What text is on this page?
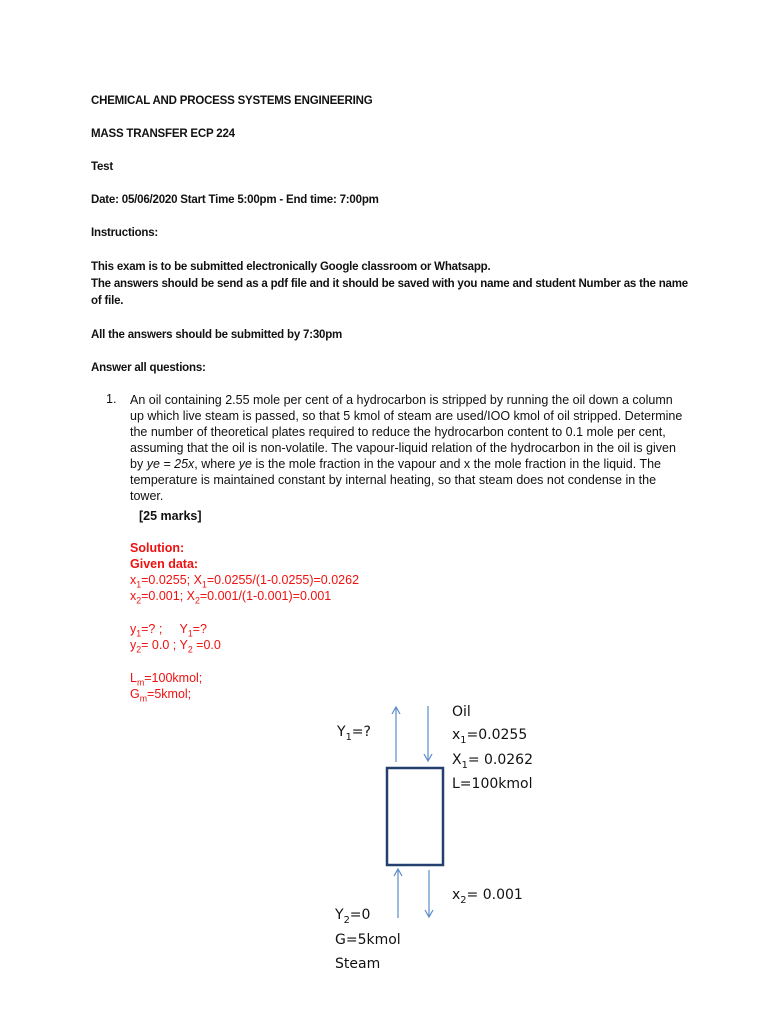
CHEMICAL AND PROCESS SYSTEMS ENGINEERING
MASS TRANSFER ECP 224
Test
Date: 05/06/2020 Start Time 5:00pm - End time: 7:00pm
Instructions:
This exam is to be submitted electronically Google classroom or Whatsapp.
The answers should be send as a pdf file and it should be saved with you name and student Number as the name of file.
All the answers should be submitted by 7:30pm
Answer all questions:
1. An oil containing 2.55 mole per cent of a hydrocarbon is stripped by running the oil down a column up which live steam is passed, so that 5 kmol of steam are used/IOO kmol of oil stripped. Determine the number of theoretical plates required to reduce the hydrocarbon content to 0.1 mole per cent, assuming that the oil is non-volatile. The vapour-liquid relation of the hydrocarbon in the oil is given by ye = 25x, where ye is the mole fraction in the vapour and x the mole fraction in the liquid. The temperature is maintained constant by internal heating, so that steam does not condense in the tower.
[25 marks]
Solution:
Given data:
$x_1=0.0255$; $X_1=0.0255/(1-0.0255)=0.0262$
$x_2=0.001$; $X_2=0.001/(1-0.001)=0.001$
$y_1=$? ;     $Y_1=$?
$y_2= 0.0$ ; $Y_2 =0.0$
$L_m=100kmol$;
$G_m=5kmol$;
$Y_1=$?
Oil
$x_1=0.0255$
$X_1= 0.0262$
L=100kmol
$x_2= 0.001$
$Y_2=0$
G=5kmol
Steam
